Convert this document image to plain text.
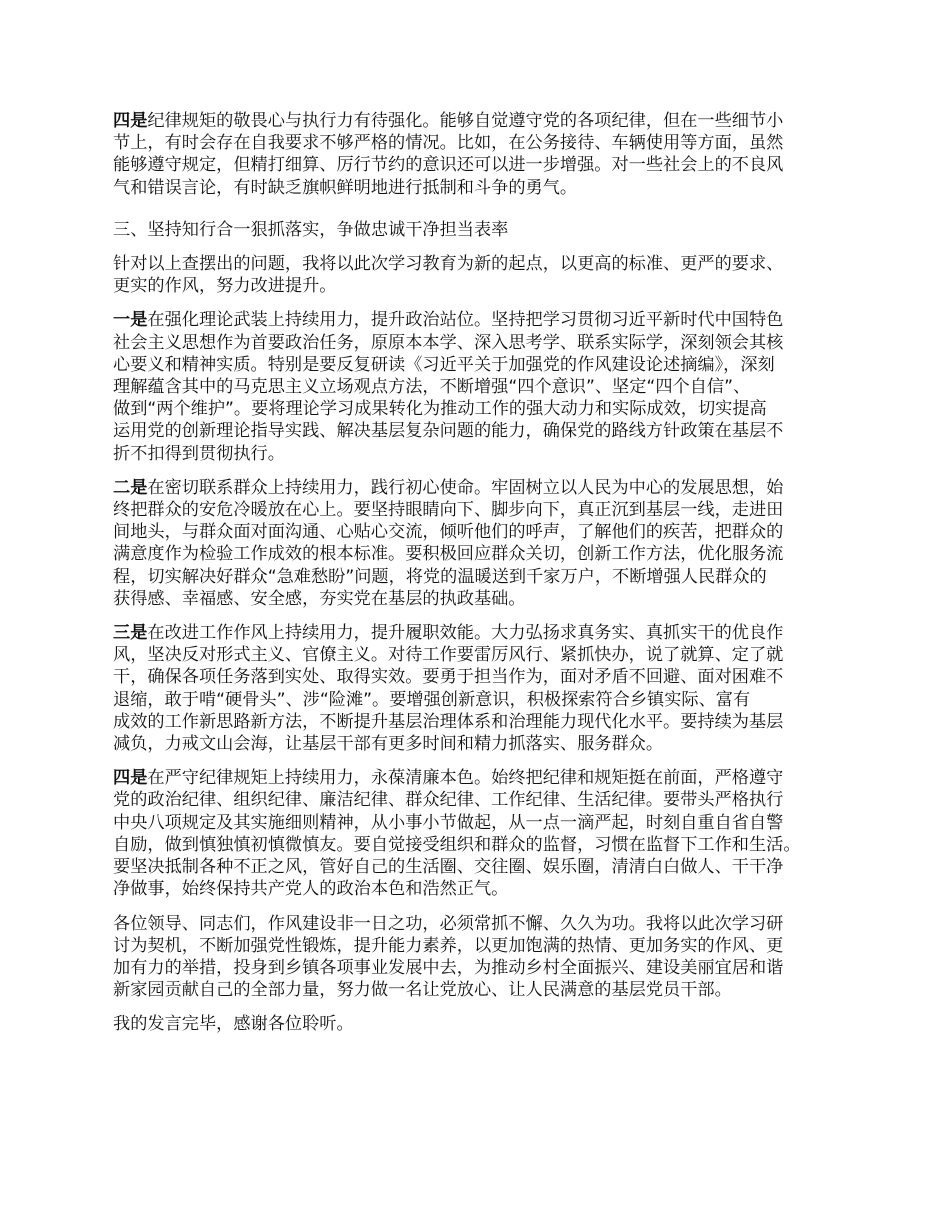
四是纪律规矩的敬畏心与执行力有待强化。能够自觉遵守党的各项纪律，但在一些细节小
节上，有时会存在自我要求不够严格的情况。比如，在公务接待、车辆使用等方面，虽然
能够遵守规定，但精打细算、厉行节约的意识还可以进一步增强。对一些社会上的不良风
气和错误言论，有时缺乏旗帜鲜明地进行抵制和斗争的勇气。

三、坚持知行合一狠抓落实，争做忠诚干净担当表率

针对以上查摆出的问题，我将以此次学习教育为新的起点，以更高的标准、更严的要求、
更实的作风，努力改进提升。

一是在强化理论武装上持续用力，提升政治站位。坚持把学习贯彻习近平新时代中国特色
社会主义思想作为首要政治任务，原原本本学、深入思考学、联系实际学，深刻领会其核
心要义和精神实质。特别是要反复研读《习近平关于加强党的作风建设论述摘编》，深刻
理解蕴含其中的马克思主义立场观点方法，不断增强“四个意识”、坚定“四个自信”、
做到“两个维护”。要将理论学习成果转化为推动工作的强大动力和实际成效，切实提高
运用党的创新理论指导实践、解决基层复杂问题的能力，确保党的路线方针政策在基层不
折不扣得到贯彻执行。

二是在密切联系群众上持续用力，践行初心使命。牢固树立以人民为中心的发展思想，始
终把群众的安危冷暖放在心上。要坚持眼睛向下、脚步向下，真正沉到基层一线，走进田
间地头，与群众面对面沟通、心贴心交流，倾听他们的呼声，了解他们的疾苦，把群众的
满意度作为检验工作成效的根本标准。要积极回应群众关切，创新工作方法，优化服务流
程，切实解决好群众“急难愁盼”问题，将党的温暖送到千家万户，不断增强人民群众的
获得感、幸福感、安全感，夯实党在基层的执政基础。

三是在改进工作作风上持续用力，提升履职效能。大力弘扬求真务实、真抓实干的优良作
风，坚决反对形式主义、官僚主义。对待工作要雷厉风行、紧抓快办，说了就算、定了就
干，确保各项任务落到实处、取得实效。要勇于担当作为，面对矛盾不回避、面对困难不
退缩，敢于啃“硬骨头”、涉“险滩”。要增强创新意识，积极探索符合乡镇实际、富有
成效的工作新思路新方法，不断提升基层治理体系和治理能力现代化水平。要持续为基层
减负，力戒文山会海，让基层干部有更多时间和精力抓落实、服务群众。

四是在严守纪律规矩上持续用力，永葆清廉本色。始终把纪律和规矩挺在前面，严格遵守
党的政治纪律、组织纪律、廉洁纪律、群众纪律、工作纪律、生活纪律。要带头严格执行
中央八项规定及其实施细则精神，从小事小节做起，从一点一滴严起，时刻自重自省自警
自励，做到慎独慎初慎微慎友。要自觉接受组织和群众的监督，习惯在监督下工作和生活。
要坚决抵制各种不正之风，管好自己的生活圈、交往圈、娱乐圈，清清白白做人、干干净
净做事，始终保持共产党人的政治本色和浩然正气。

各位领导、同志们，作风建设非一日之功，必须常抓不懈、久久为功。我将以此次学习研
讨为契机，不断加强党性锻炼，提升能力素养，以更加饱满的热情、更加务实的作风、更
加有力的举措，投身到乡镇各项事业发展中去，为推动乡村全面振兴、建设美丽宜居和谐
新家园贡献自己的全部力量，努力做一名让党放心、让人民满意的基层党员干部。

我的发言完毕，感谢各位聆听。
